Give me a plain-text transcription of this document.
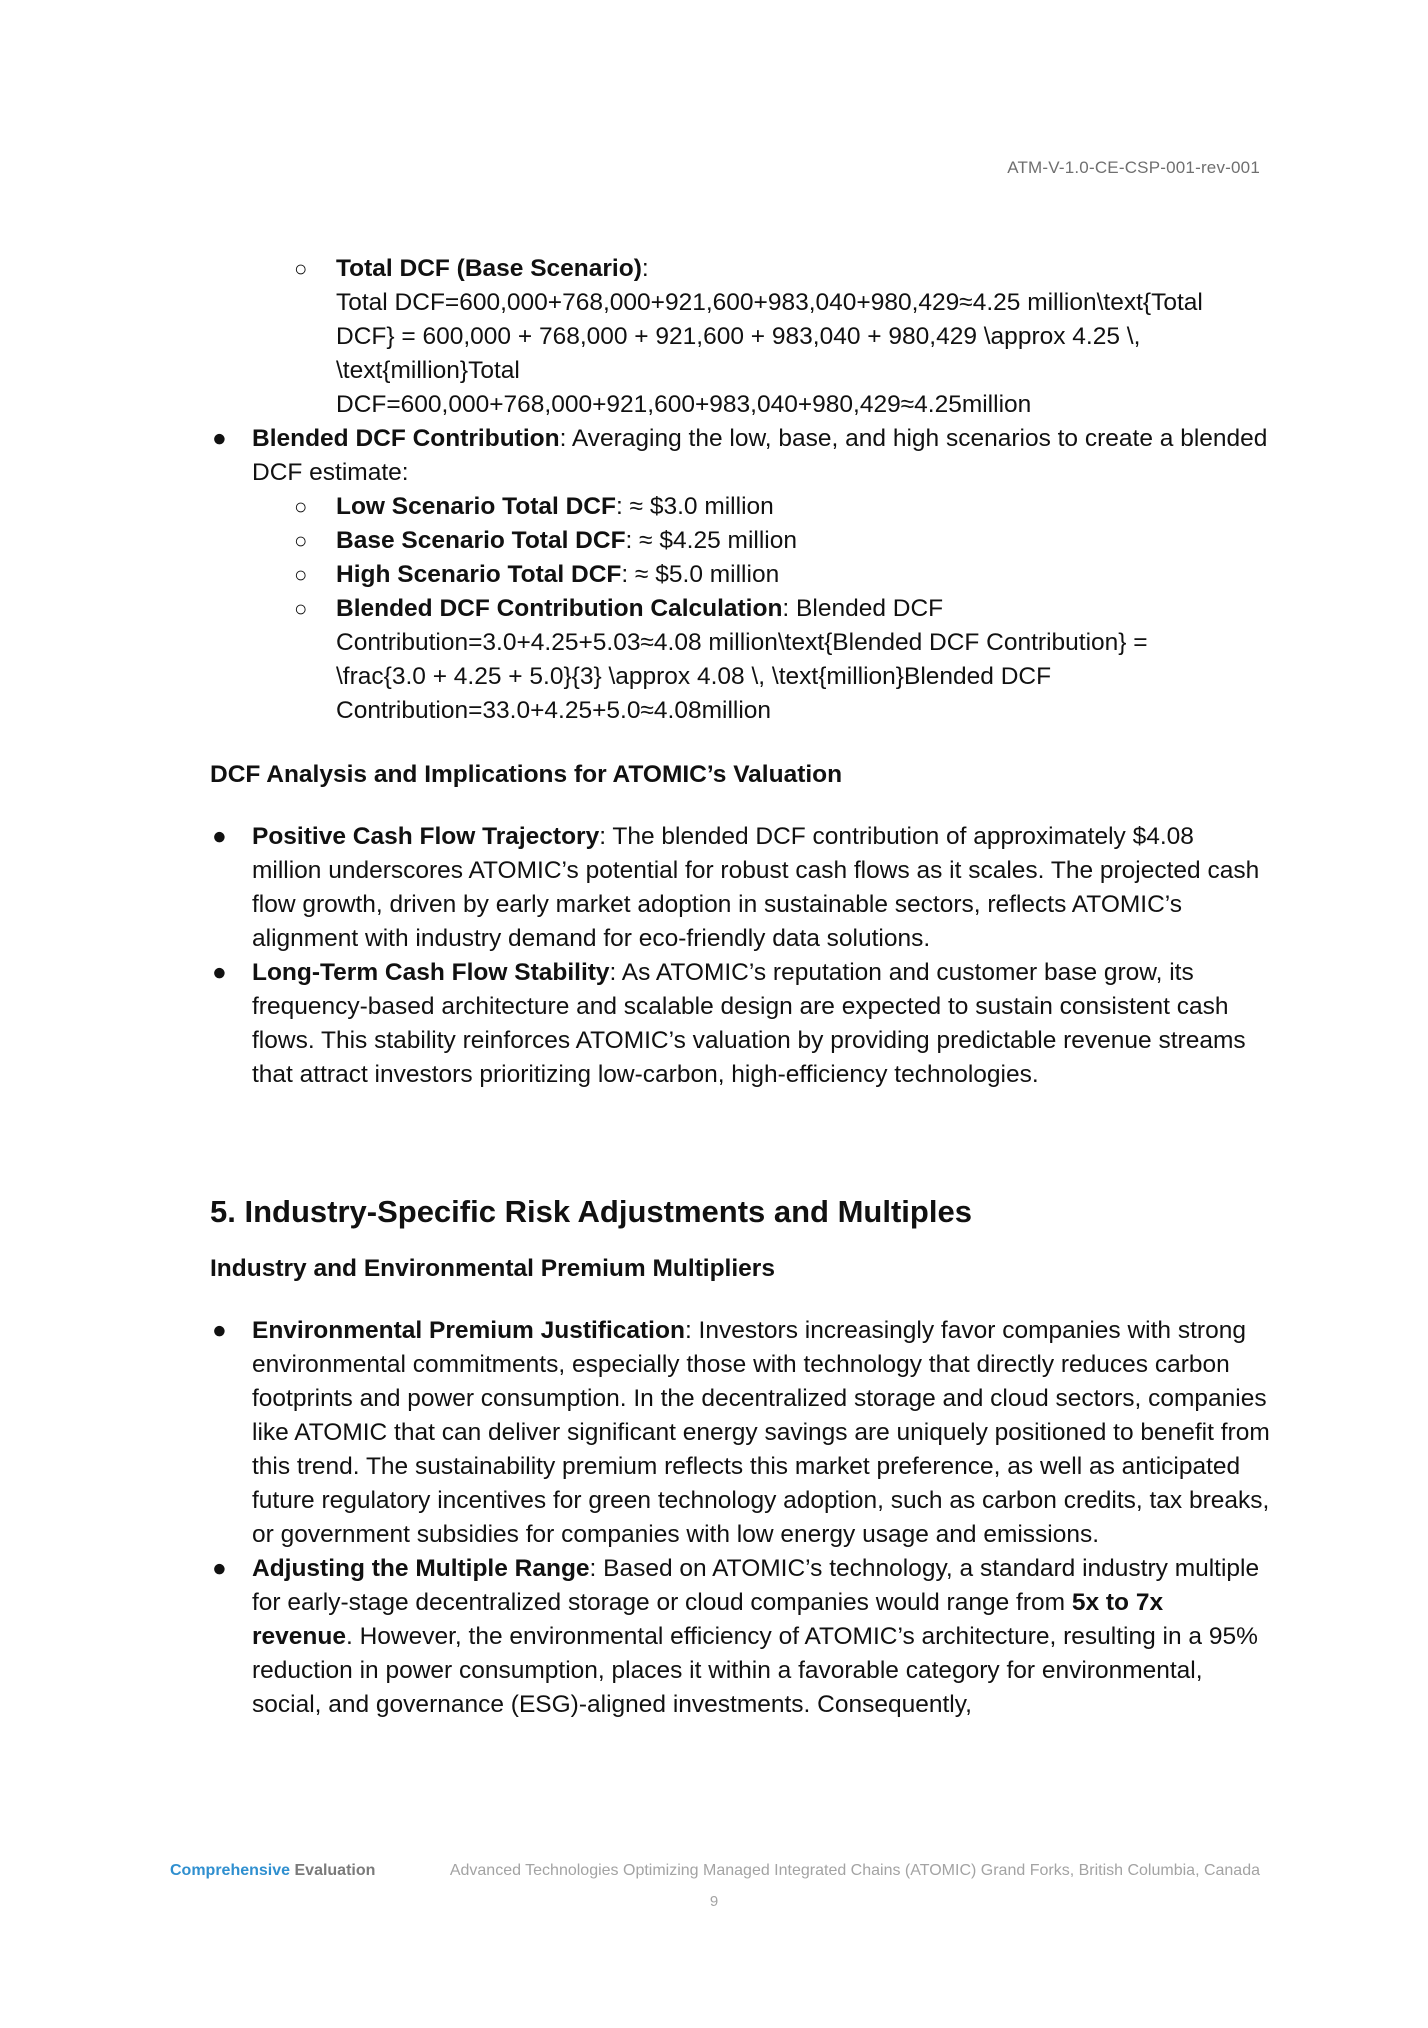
ATM-V-1.0-CE-CSP-001-rev-001
○ Total DCF (Base Scenario):
Total DCF=600,000+768,000+921,600+983,040+980,429≈4.25 million\text{Total
DCF} = 600,000 + 768,000 + 921,600 + 983,040 + 980,429 \approx 4.25 \,
\text{million}Total
DCF=600,000+768,000+921,600+983,040+980,429≈4.25million
● Blended DCF Contribution: Averaging the low, base, and high scenarios to create a blended DCF estimate:
○ Low Scenario Total DCF: ≈ $3.0 million
○ Base Scenario Total DCF: ≈ $4.25 million
○ High Scenario Total DCF: ≈ $5.0 million
○ Blended DCF Contribution Calculation: Blended DCF
Contribution=3.0+4.25+5.03≈4.08 million\text{Blended DCF Contribution} =
\frac{3.0 + 4.25 + 5.0}{3} \approx 4.08 \, \text{million}Blended DCF
Contribution=33.0+4.25+5.0≈4.08million
DCF Analysis and Implications for ATOMIC’s Valuation
● Positive Cash Flow Trajectory: The blended DCF contribution of approximately $4.08 million underscores ATOMIC’s potential for robust cash flows as it scales. The projected cash flow growth, driven by early market adoption in sustainable sectors, reflects ATOMIC’s alignment with industry demand for eco-friendly data solutions.
● Long-Term Cash Flow Stability: As ATOMIC’s reputation and customer base grow, its frequency-based architecture and scalable design are expected to sustain consistent cash flows. This stability reinforces ATOMIC’s valuation by providing predictable revenue streams that attract investors prioritizing low-carbon, high-efficiency technologies.
5. Industry-Specific Risk Adjustments and Multiples
Industry and Environmental Premium Multipliers
● Environmental Premium Justification: Investors increasingly favor companies with strong environmental commitments, especially those with technology that directly reduces carbon footprints and power consumption. In the decentralized storage and cloud sectors, companies like ATOMIC that can deliver significant energy savings are uniquely positioned to benefit from this trend. The sustainability premium reflects this market preference, as well as anticipated future regulatory incentives for green technology adoption, such as carbon credits, tax breaks, or government subsidies for companies with low energy usage and emissions.
● Adjusting the Multiple Range: Based on ATOMIC’s technology, a standard industry multiple for early-stage decentralized storage or cloud companies would range from 5x to 7x revenue. However, the environmental efficiency of ATOMIC’s architecture, resulting in a 95% reduction in power consumption, places it within a favorable category for environmental, social, and governance (ESG)-aligned investments. Consequently,
Comprehensive Evaluation	Advanced Technologies Optimizing Managed Integrated Chains (ATOMIC) Grand Forks, British Columbia, Canada
9
